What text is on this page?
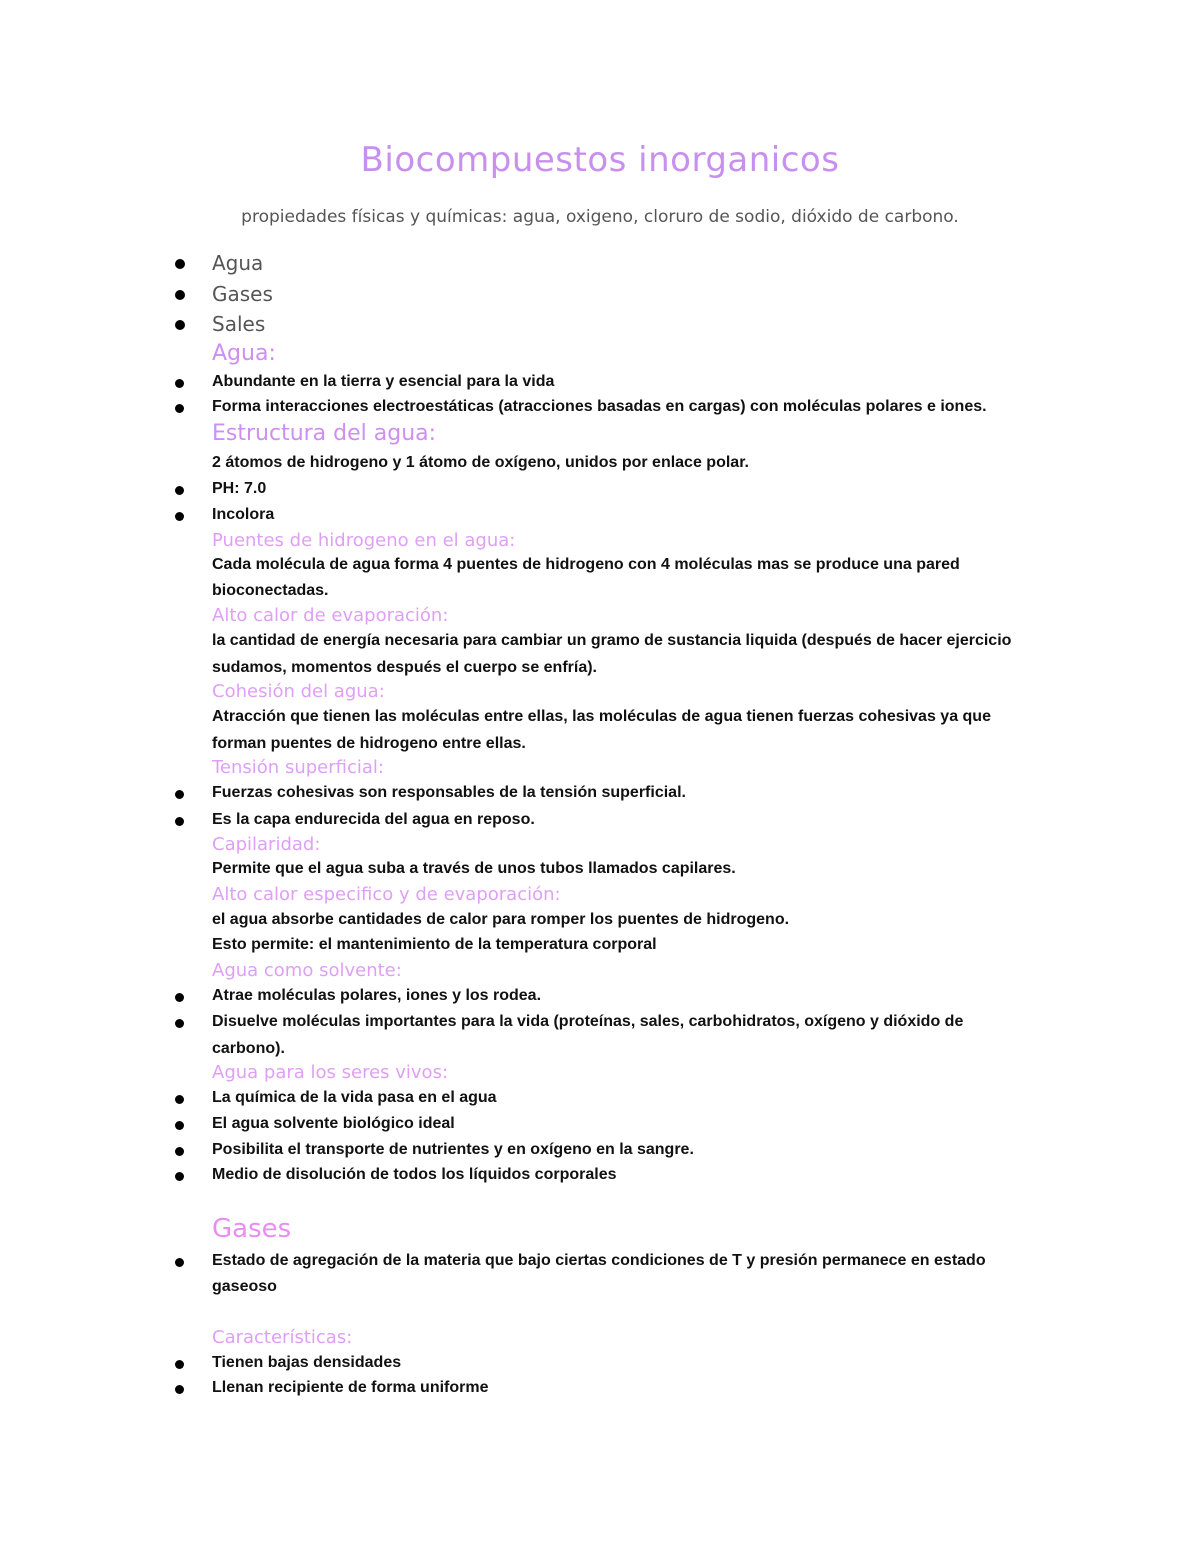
Biocompuestos inorganicos
propiedades físicas y químicas: agua, oxigeno, cloruro de sodio, dióxido de carbono.
Agua
Gases
Sales
Agua:
Abundante en la tierra y esencial para la vida
Forma interacciones electroestáticas (atracciones basadas en cargas) con moléculas polares e iones.
Estructura del agua:
2 átomos de hidrogeno y 1 átomo de oxígeno, unidos por enlace polar.
PH: 7.0
Incolora
Puentes de hidrogeno en el agua:
Cada molécula de agua forma 4 puentes de hidrogeno con 4 moléculas mas se produce una pared
bioconectadas.
Alto calor de evaporación:
la cantidad de energía necesaria para cambiar un gramo de sustancia liquida (después de hacer ejercicio
sudamos, momentos después el cuerpo se enfría).
Cohesión del agua:
Atracción que tienen las moléculas entre ellas, las moléculas de agua tienen fuerzas cohesivas ya que
forman puentes de hidrogeno entre ellas.
Tensión superficial:
Fuerzas cohesivas son responsables de la tensión superficial.
Es la capa endurecida del agua en reposo.
Capilaridad:
Permite que el agua suba a través de unos tubos llamados capilares.
Alto calor especifico y de evaporación:
el agua absorbe cantidades de calor para romper los puentes de hidrogeno.
Esto permite: el mantenimiento de la temperatura corporal
Agua como solvente:
Atrae moléculas polares, iones y los rodea.
Disuelve moléculas importantes para la vida (proteínas, sales, carbohidratos, oxígeno y dióxido de
carbono).
Agua para los seres vivos:
La química de la vida pasa en el agua
El agua solvente biológico ideal
Posibilita el transporte de nutrientes y en oxígeno en la sangre.
Medio de disolución de todos los líquidos corporales
Gases
Estado de agregación de la materia que bajo ciertas condiciones de T y presión permanece en estado
gaseoso
Características:
Tienen bajas densidades
Llenan recipiente de forma uniforme
